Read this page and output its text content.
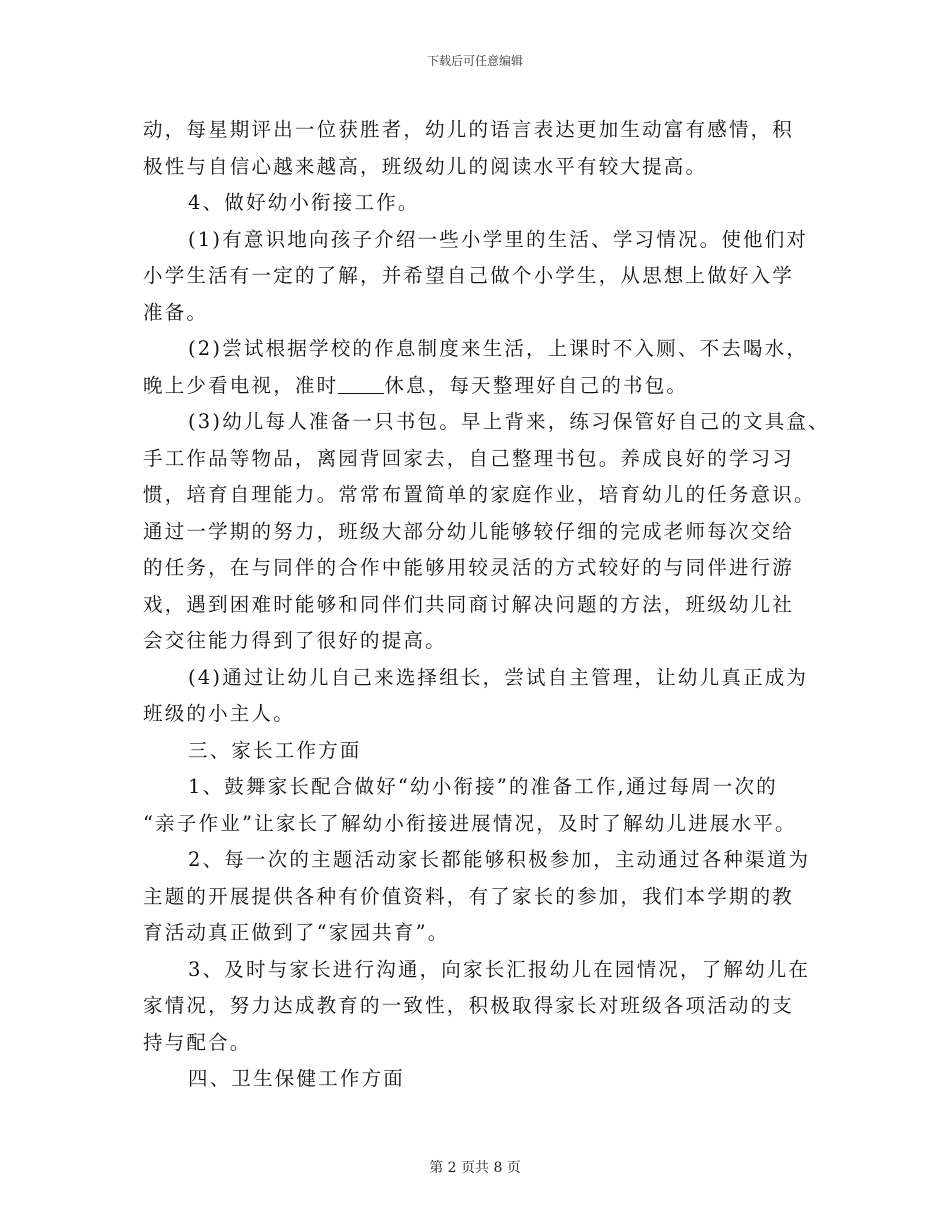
下载后可任意编辑
动，每星期评出一位获胜者，幼儿的语言表达更加生动富有感情，积
极性与自信心越来越高，班级幼儿的阅读水平有较大提高。
4、做好幼小衔接工作。
(1)有意识地向孩子介绍一些小学里的生活、学习情况。使他们对
小学生活有一定的了解，并希望自己做个小学生，从思想上做好入学
准备。
(2)尝试根据学校的作息制度来生活，上课时不入厕、不去喝水，
晚上少看电视，准时 休息，每天整理好自己的书包。
(3)幼儿每人准备一只书包。早上背来，练习保管好自己的文具盒、
手工作品等物品，离园背回家去，自己整理书包。养成良好的学习习
惯，培育自理能力。常常布置简单的家庭作业，培育幼儿的任务意识。
通过一学期的努力，班级大部分幼儿能够较仔细的完成老师每次交给
的任务，在与同伴的合作中能够用较灵活的方式较好的与同伴进行游
戏，遇到困难时能够和同伴们共同商讨解决问题的方法，班级幼儿社
会交往能力得到了很好的提高。
(4)通过让幼儿自己来选择组长，尝试自主管理，让幼儿真正成为
班级的小主人。
三、家长工作方面
1、鼓舞家长配合做好“幼小衔接”的准备工作,通过每周一次的
“亲子作业”让家长了解幼小衔接进展情况，及时了解幼儿进展水平。
2、每一次的主题活动家长都能够积极参加，主动通过各种渠道为
主题的开展提供各种有价值资料，有了家长的参加，我们本学期的教
育活动真正做到了“家园共育”。
3、及时与家长进行沟通，向家长汇报幼儿在园情况，了解幼儿在
家情况，努力达成教育的一致性，积极取得家长对班级各项活动的支
持与配合。
四、卫生保健工作方面
第 2 页共 8 页
